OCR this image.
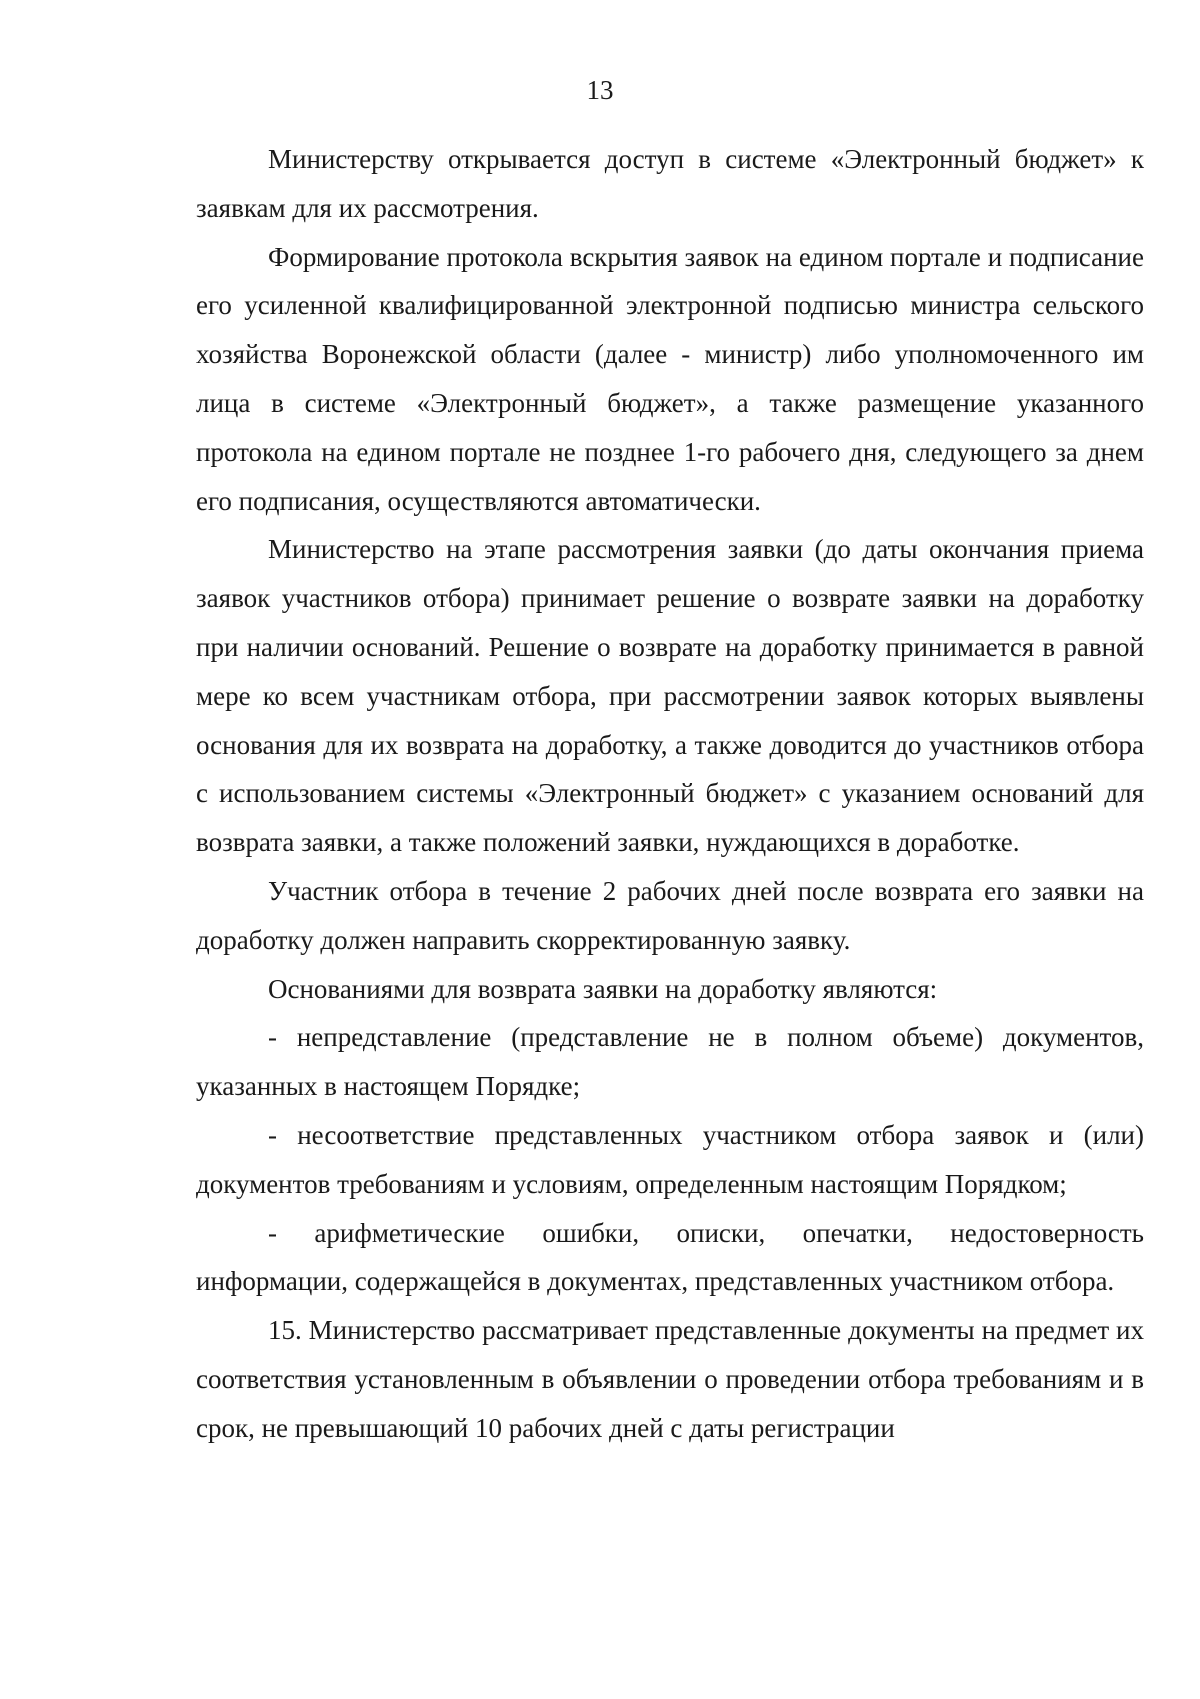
13

Министерству открывается доступ в системе «Электронный бюджет» к заявкам для их рассмотрения.

Формирование протокола вскрытия заявок на едином портале и подписание его усиленной квалифицированной электронной подписью министра сельского хозяйства Воронежской области (далее - министр) либо уполномоченного им лица в системе «Электронный бюджет», а также размещение указанного протокола на едином портале не позднее 1-го рабочего дня, следующего за днем его подписания, осуществляются автоматически.

Министерство на этапе рассмотрения заявки (до даты окончания приема заявок участников отбора) принимает решение о возврате заявки на доработку при наличии оснований. Решение о возврате на доработку принимается в равной мере ко всем участникам отбора, при рассмотрении заявок которых выявлены основания для их возврата на доработку, а также доводится до участников отбора с использованием системы «Электронный бюджет» с указанием оснований для возврата заявки, а также положений заявки, нуждающихся в доработке.

Участник отбора в течение 2 рабочих дней после возврата его заявки на доработку должен направить скорректированную заявку.

Основаниями для возврата заявки на доработку являются:

- непредставление (представление не в полном объеме) документов, указанных в настоящем Порядке;

- несоответствие представленных участником отбора заявок и (или) документов требованиям и условиям, определенным настоящим Порядком;

- арифметические ошибки, описки, опечатки, недостоверность информации, содержащейся в документах, представленных участником отбора.

15. Министерство рассматривает представленные документы на предмет их соответствия установленным в объявлении о проведении отбора требованиям и в срок, не превышающий 10 рабочих дней с даты регистрации
